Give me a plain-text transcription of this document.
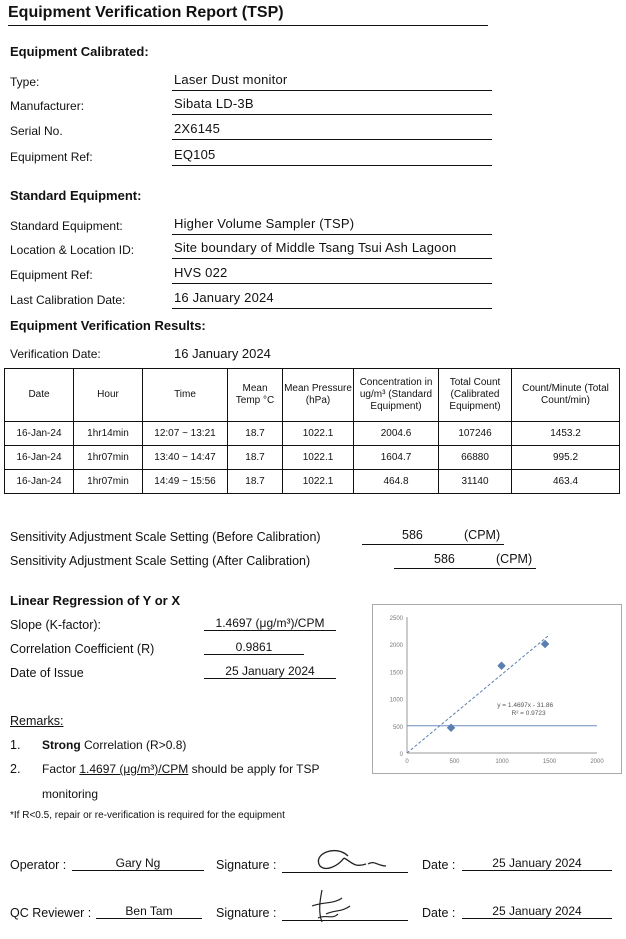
Equipment Verification Report (TSP)
Equipment Calibrated:
Type:	Laser Dust monitor
Manufacturer:	Sibata LD-3B
Serial No.	2X6145
Equipment Ref:	EQ105
Standard Equipment:
Standard Equipment:	Higher Volume Sampler (TSP)
Location & Location ID:	Site boundary of Middle Tsang Tsui Ash Lagoon
Equipment Ref:	HVS 022
Last Calibration Date:	16 January 2024
Equipment Verification Results:
Verification Date:	16 January 2024
Date	Hour	Time	Mean Temp °C	Mean Pressure (hPa)	Concentration in ug/m³ (Standard Equipment)	Total Count (Calibrated Equipment)	Count/Minute (Total Count/min)
16-Jan-24	1hr14min	12:07 ~ 13:21	18.7	1022.1	2004.6	107246	1453.2
16-Jan-24	1hr07min	13:40 ~ 14:47	18.7	1022.1	1604.7	66880	995.2
16-Jan-24	1hr07min	14:49 ~ 15:56	18.7	1022.1	464.8	31140	463.4
Sensitivity Adjustment Scale Setting (Before Calibration)	586	(CPM)
Sensitivity Adjustment Scale Setting (After Calibration)	586	(CPM)
Linear Regression of Y or X
Slope (K-factor):	1.4697 (μg/m³)/CPM
Correlation Coefficient (R)	0.9861
Date of Issue	25 January 2024
0
500
1000
1500
2000
2500
0	500	1000	1500	2000
y = 1.4697x - 31.86
R² = 0.9723
Remarks:
1. Strong Correlation (R>0.8)
2. Factor 1.4697 (μg/m³)/CPM should be apply for TSP
monitoring
*If R<0.5, repair or re-verification is required for the equipment
Operator :	Gary Ng	Signature :	Date :	25 January 2024
QC Reviewer :	Ben Tam	Signature :	Date :	25 January 2024
